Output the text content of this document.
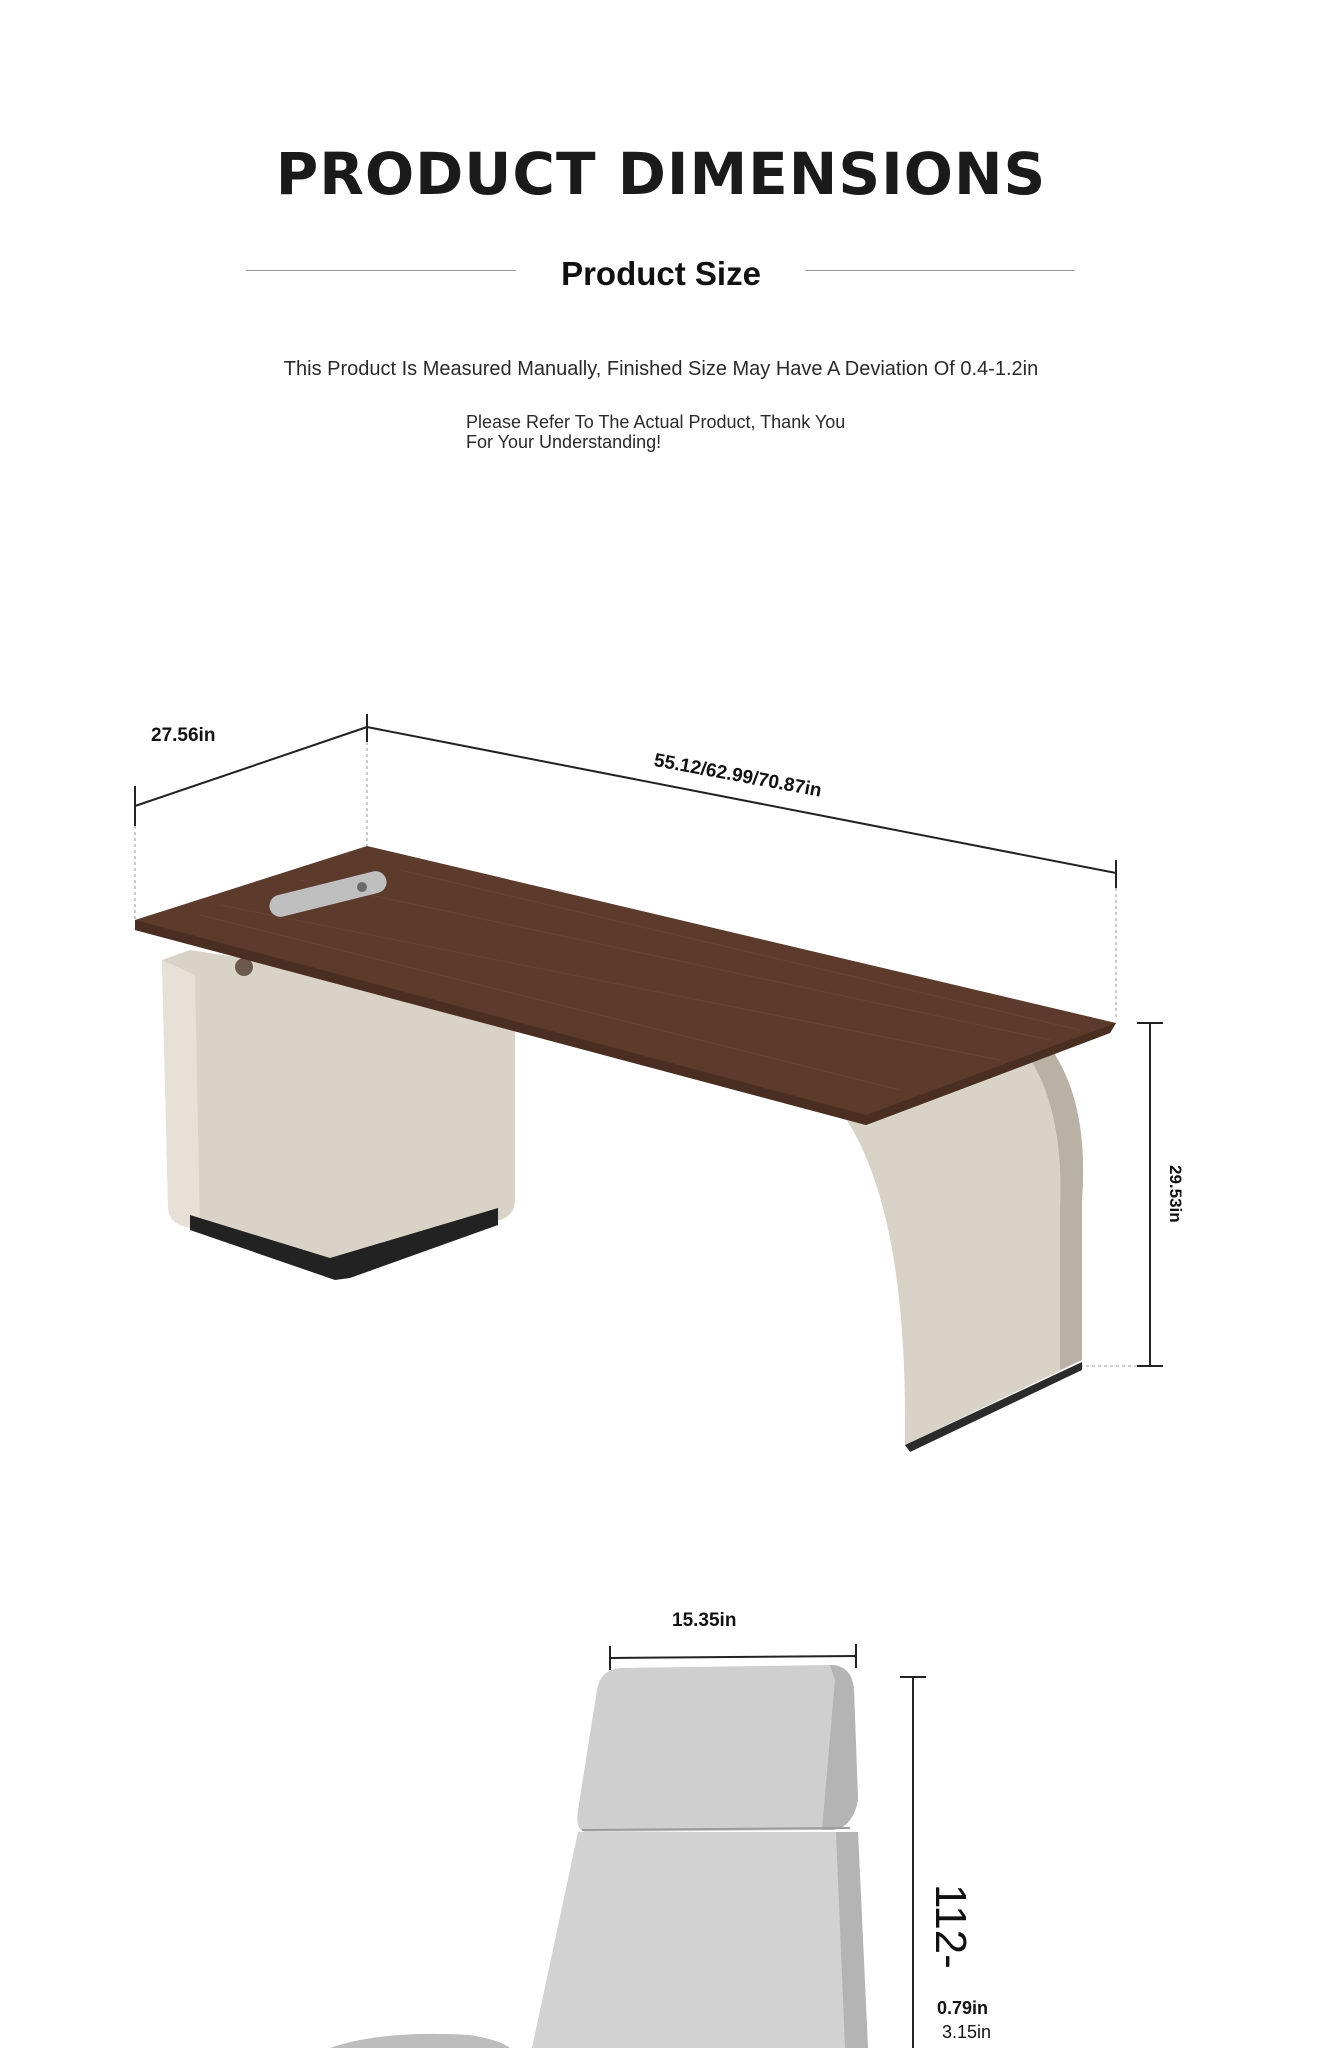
PRODUCT DIMENSIONS
Product Size
This Product Is Measured Manually, Finished Size May Have A Deviation Of 0.4-1.2in
Please Refer To The Actual Product, Thank You For Your Understanding!
27.56in
55.12/62.99/70.87in
29.53in
15.35in
112-
0.79in
3.15in
